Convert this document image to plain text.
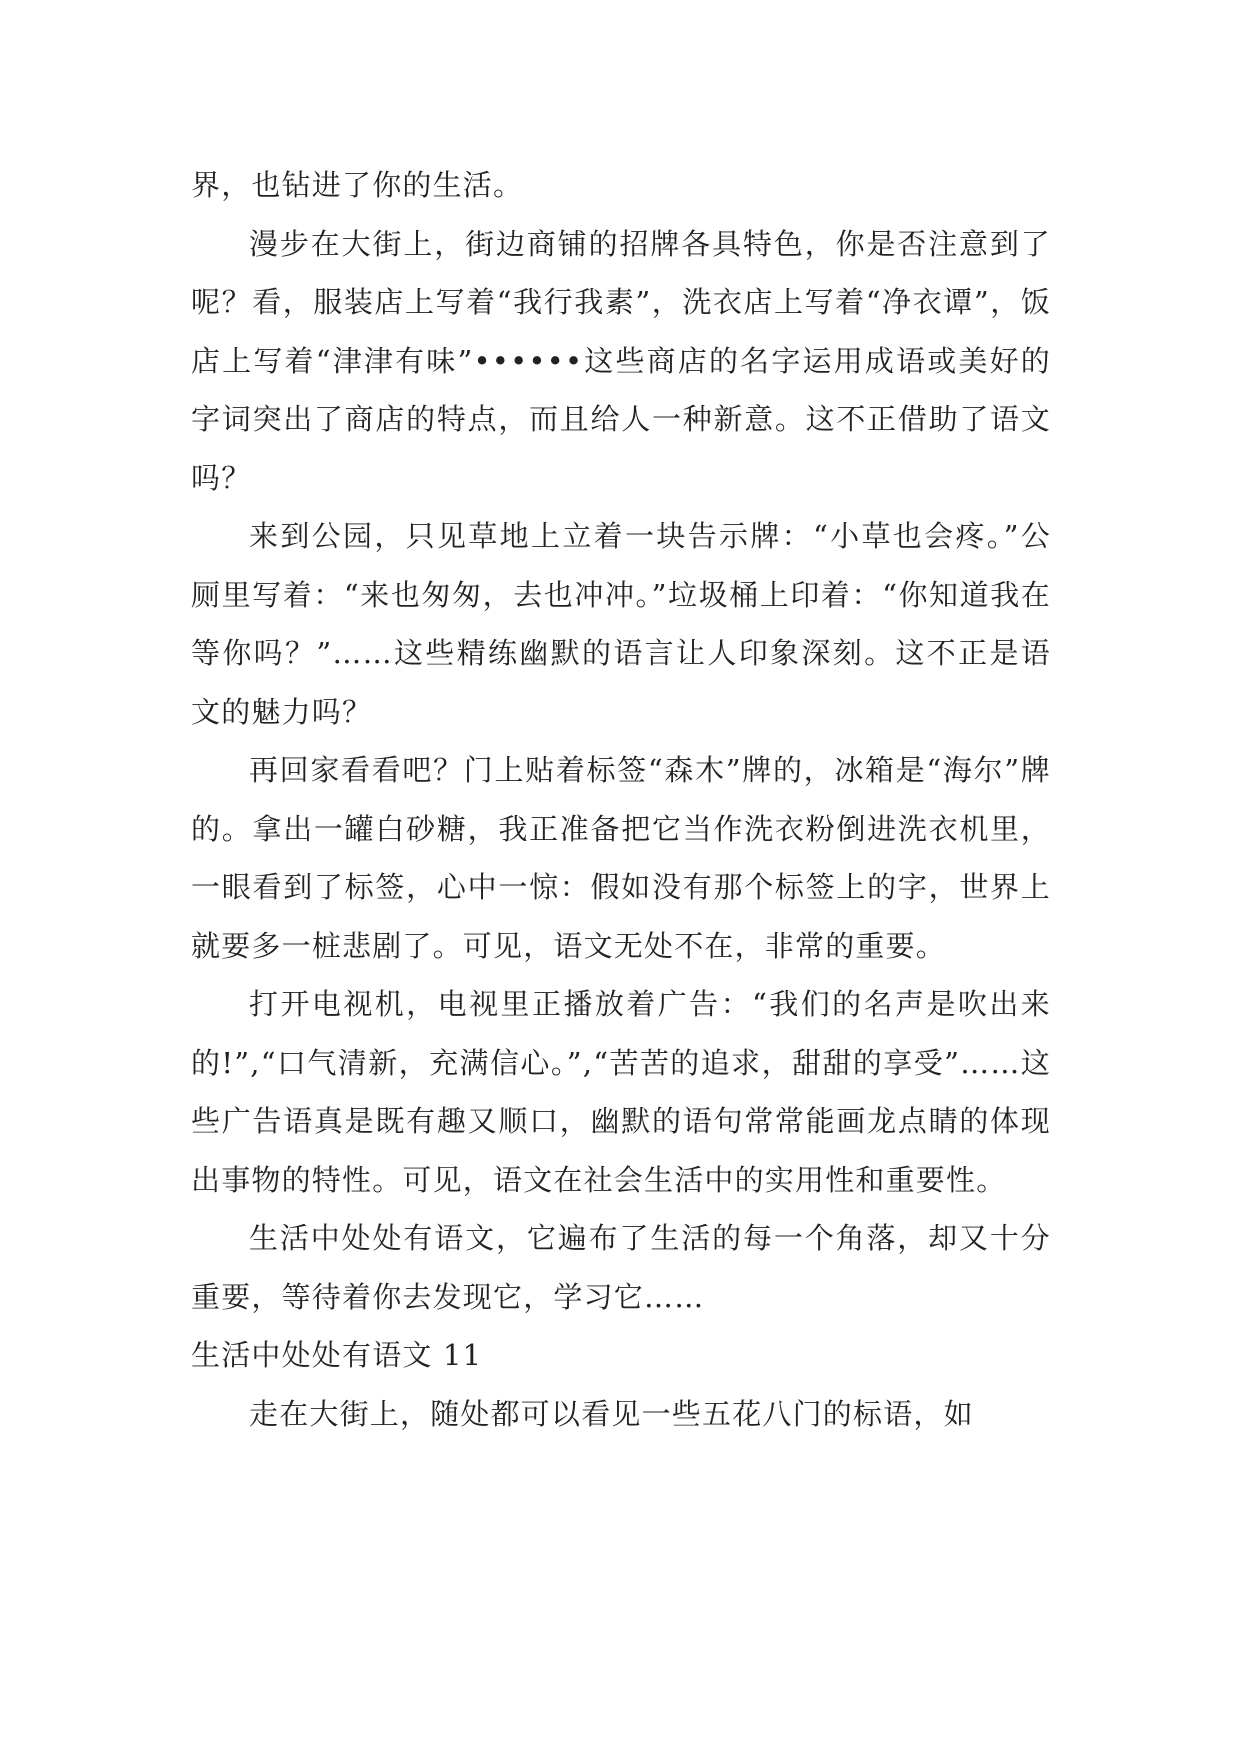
界，也钻进了你的生活。

漫步在大街上，街边商铺的招牌各具特色，你是否注意到了呢？看，服装店上写着“我行我素”，洗衣店上写着“净衣谭”，饭店上写着“津津有味”••••••这些商店的名字运用成语或美好的字词突出了商店的特点，而且给人一种新意。这不正借助了语文吗？

来到公园，只见草地上立着一块告示牌：“小草也会疼。”公厕里写着：“来也匆匆，去也冲冲。”垃圾桶上印着：“你知道我在等你吗？”……这些精练幽默的语言让人印象深刻。这不正是语文的魅力吗？

再回家看看吧？门上贴着标签“森木”牌的，冰箱是“海尔”牌的。拿出一罐白砂糖，我正准备把它当作洗衣粉倒进洗衣机里，一眼看到了标签，心中一惊：假如没有那个标签上的字，世界上就要多一桩悲剧了。可见，语文无处不在，非常的重要。

打开电视机，电视里正播放着广告：“我们的名声是吹出来的!”,“口气清新，充满信心。”,“苦苦的追求，甜甜的享受”……这些广告语真是既有趣又顺口，幽默的语句常常能画龙点睛的体现出事物的特性。可见，语文在社会生活中的实用性和重要性。

生活中处处有语文，它遍布了生活的每一个角落，却又十分重要，等待着你去发现它，学习它……

生活中处处有语文 11

走在大街上，随处都可以看见一些五花八门的标语，如
